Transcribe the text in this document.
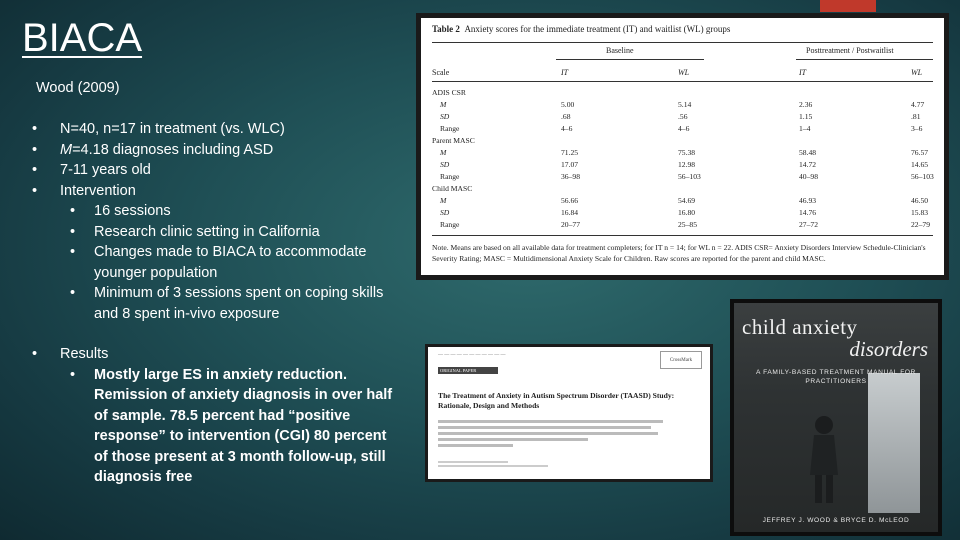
BIACA
Wood (2009)
•	N=40, n=17 in treatment (vs. WLC)
•	M=4.18 diagnoses including ASD
•	7-11 years old
•	Intervention
•	16 sessions
•	Research clinic setting in California
•	Changes made to BIACA to accommodate younger population
•	Minimum of 3 sessions spent on coping skills and 8 spent in-vivo exposure
•	Results
•	Mostly large ES in anxiety reduction. Remission of anxiety diagnosis in over half of sample. 78.5 percent had “positive response” to intervention (CGI) 80 percent of those present at 3 month follow-up, still diagnosis free
Table 2 Anxiety scores for the immediate treatment (IT) and waitlist (WL) groups
Baseline	Posttreatment / Postwaitlist
Scale	IT	WL	IT	WL
ADIS CSR
M	5.00	5.14	2.36	4.77
SD	.68	.56	1.15	.81
Range	4–6	4–6	1–4	3–6
Parent MASC
M	71.25	75.38	58.48	76.57
SD	17.07	12.98	14.72	14.65
Range	36–98	56–103	40–98	56–103
Child MASC
M	56.66	54.69	46.93	46.50
SD	16.84	16.80	14.76	15.83
Range	20–77	25–85	27–72	22–79
Note. Means are based on all available data for treatment completers; for IT n = 14; for WL n = 22. ADIS CSR= Anxiety Disorders Interview Schedule-Clinician's Severity Rating; MASC = Multidimensional Anxiety Scale for Children. Raw scores are reported for the parent and child MASC.
— — — — — — — — — — —
CrossMark
ORIGINAL PAPER
The Treatment of Anxiety in Autism Spectrum Disorder (TAASD) Study: Rationale, Design and Methods
child anxiety
disorders
A FAMILY-BASED TREATMENT MANUAL FOR PRACTITIONERS
JEFFREY J. WOOD & BRYCE D. McLEOD
